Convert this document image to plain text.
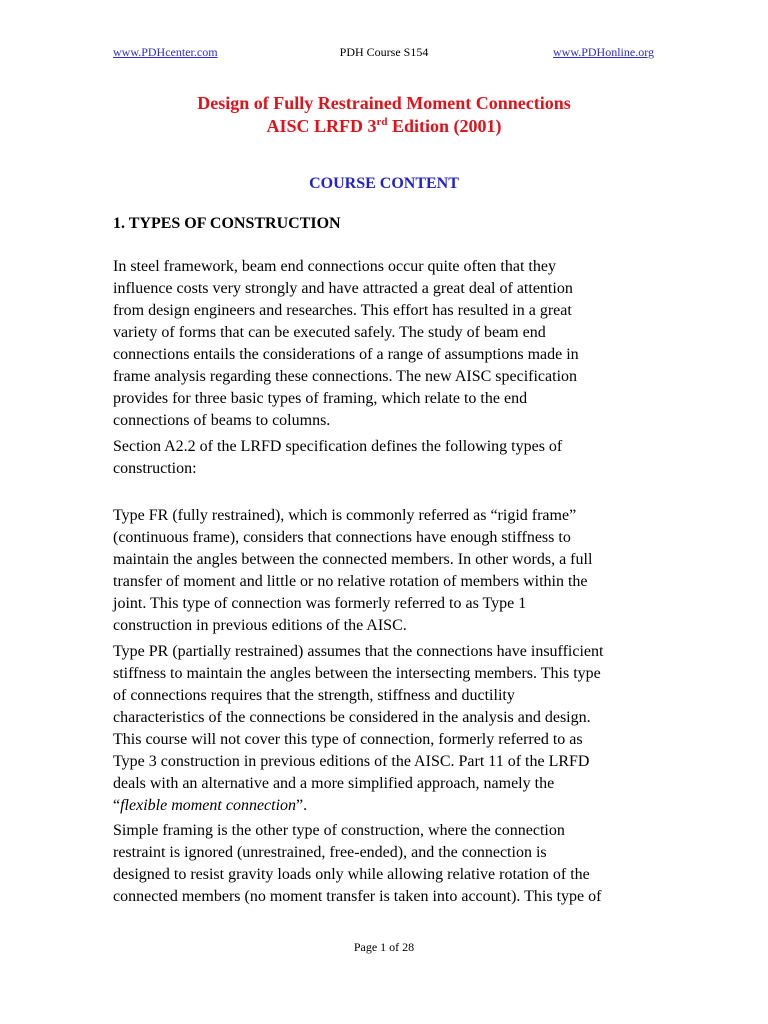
www.PDHcenter.com	PDH Course S154	www.PDHonline.org
Design of Fully Restrained Moment Connections
AISC LRFD 3rd Edition (2001)
COURSE CONTENT
1. TYPES OF CONSTRUCTION
In steel framework, beam end connections occur quite often that they
influence costs very strongly and have attracted a great deal of attention
from design engineers and researches. This effort has resulted in a great
variety of forms that can be executed safely. The study of beam end
connections entails the considerations of a range of assumptions made in
frame analysis regarding these connections. The new AISC specification
provides for three basic types of framing, which relate to the end
connections of beams to columns.
Section A2.2 of the LRFD specification defines the following types of
construction:
Type FR (fully restrained), which is commonly referred as “rigid frame”
(continuous frame), considers that connections have enough stiffness to
maintain the angles between the connected members. In other words, a full
transfer of moment and little or no relative rotation of members within the
joint. This type of connection was formerly referred to as Type 1
construction in previous editions of the AISC.
Type PR (partially restrained) assumes that the connections have insufficient
stiffness to maintain the angles between the intersecting members. This type
of connections requires that the strength, stiffness and ductility
characteristics of the connections be considered in the analysis and design.
This course will not cover this type of connection, formerly referred to as
Type 3 construction in previous editions of the AISC. Part 11 of the LRFD
deals with an alternative and a more simplified approach, namely the
“flexible moment connection”.
Simple framing is the other type of construction, where the connection
restraint is ignored (unrestrained, free-ended), and the connection is
designed to resist gravity loads only while allowing relative rotation of the
connected members (no moment transfer is taken into account). This type of
Page 1 of 28
